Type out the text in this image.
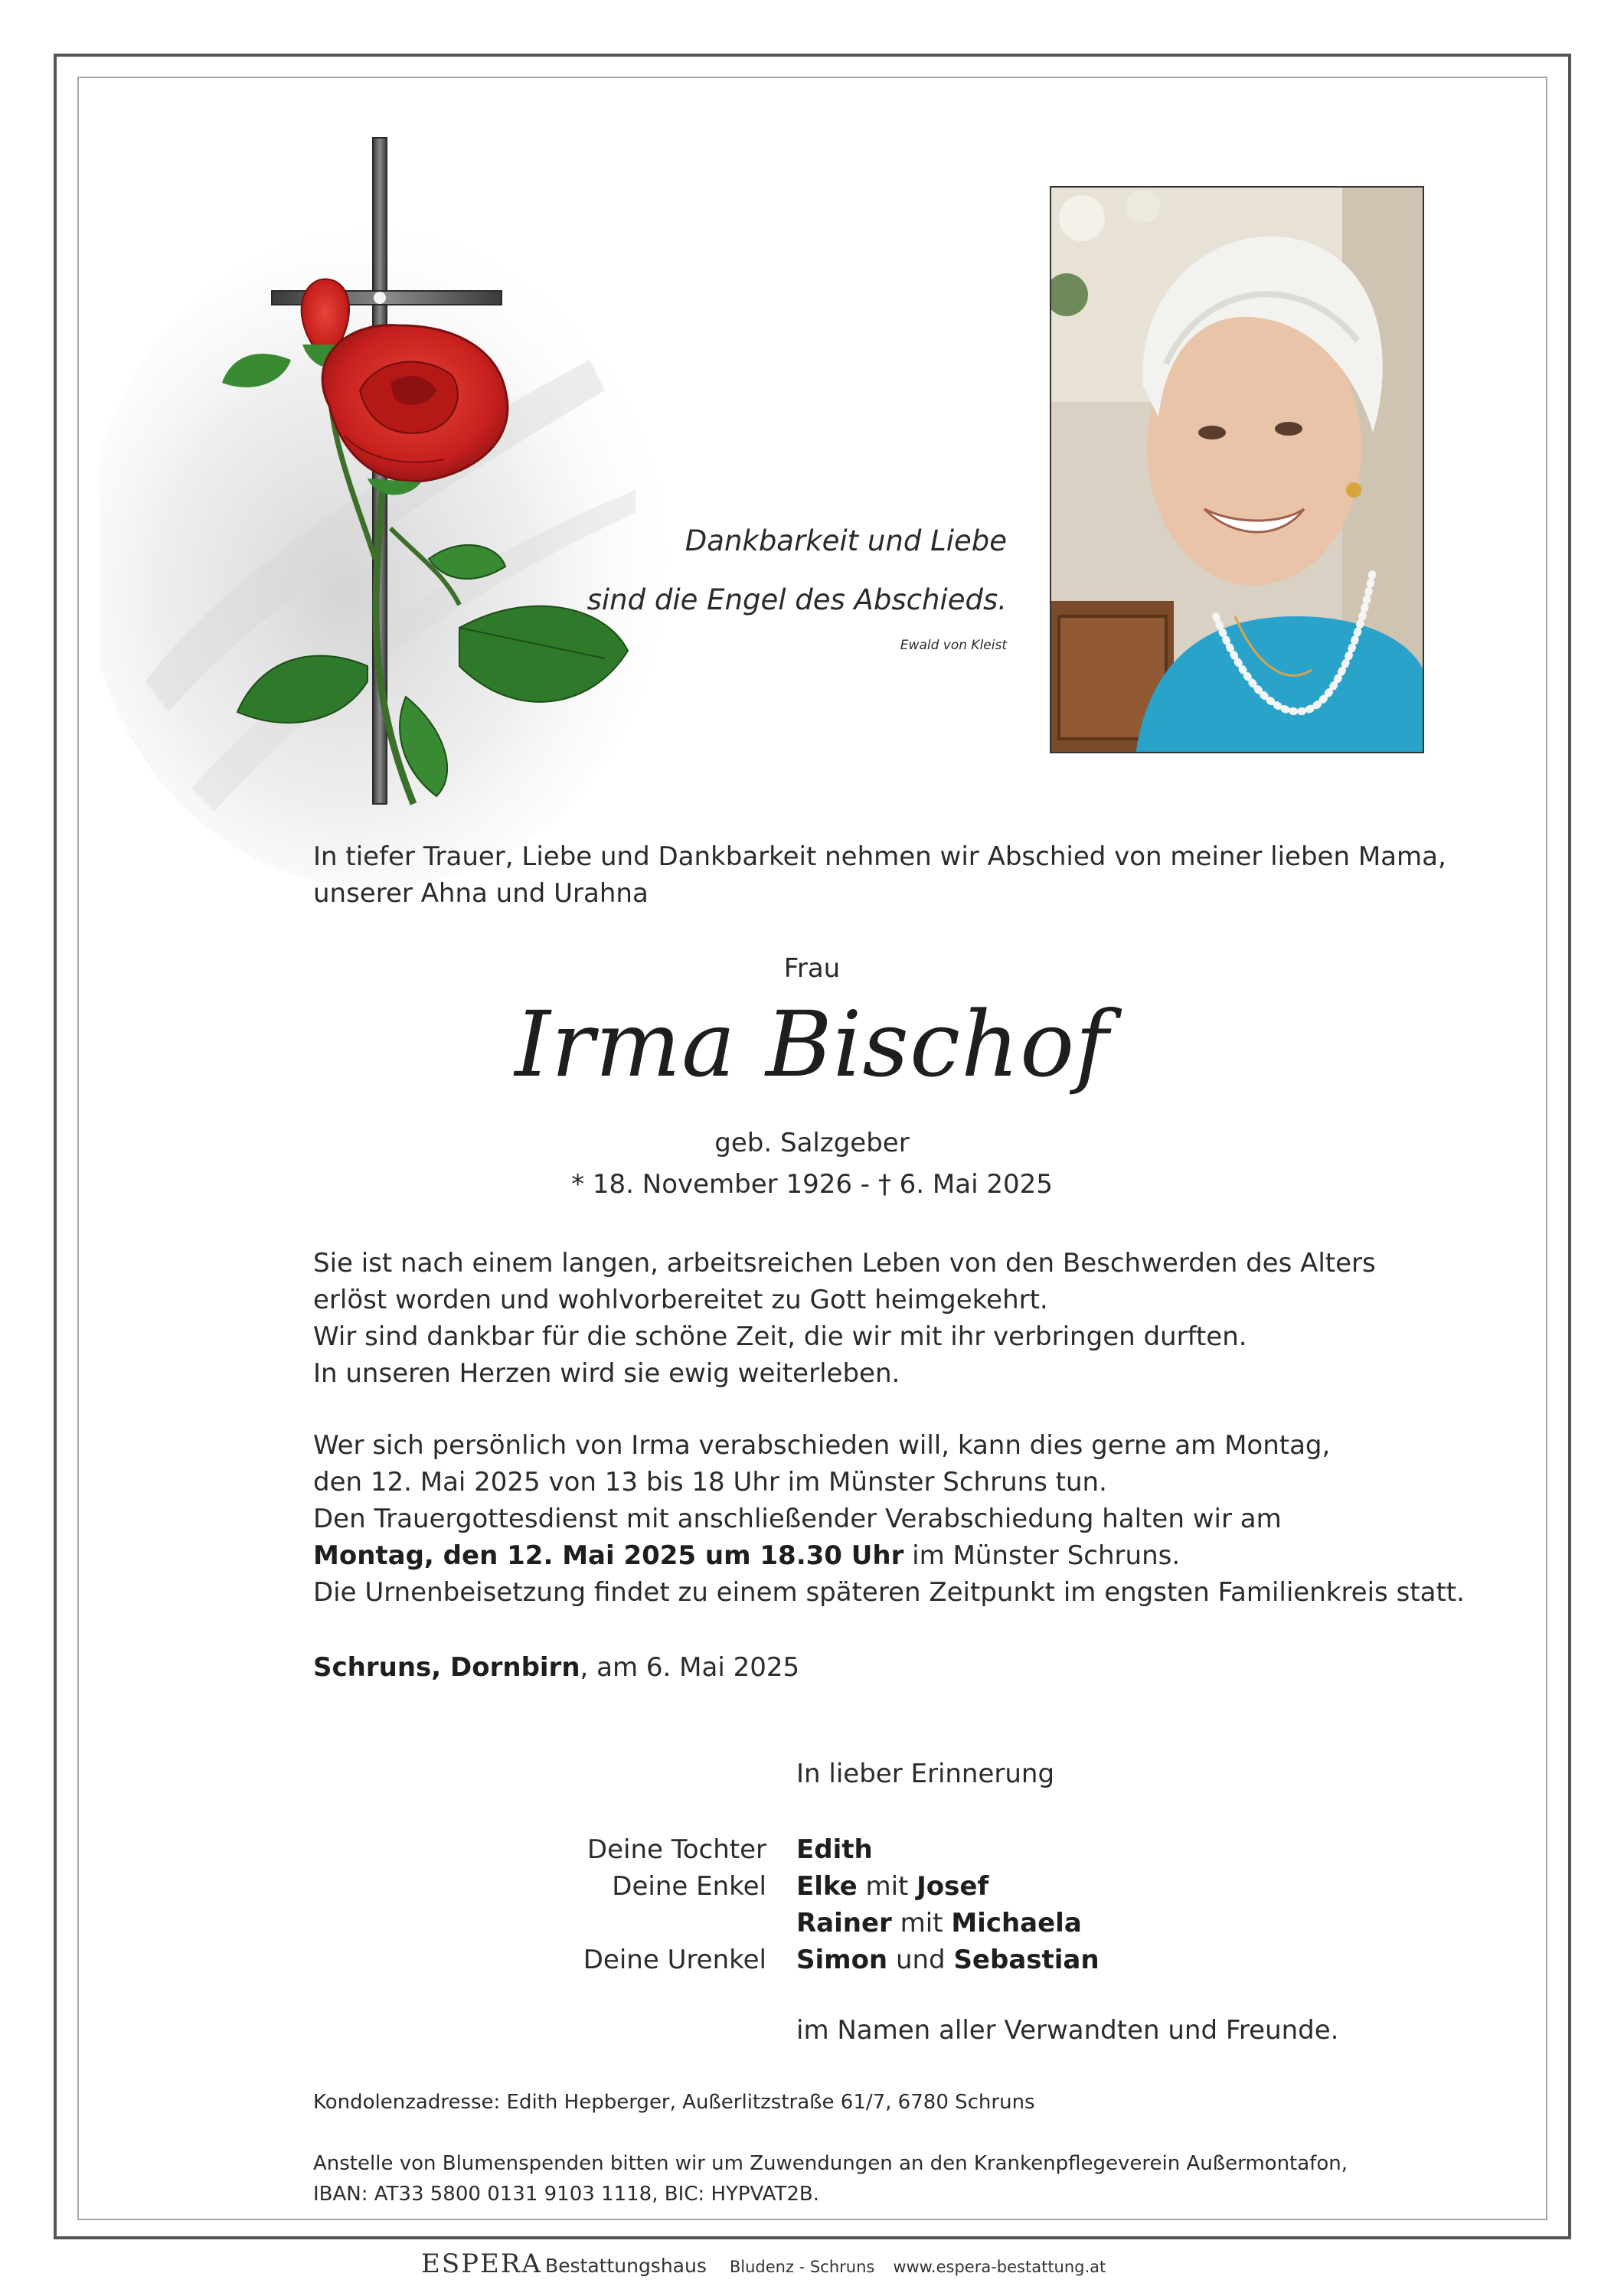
Dankbarkeit und Liebe
sind die Engel des Abschieds.
Ewald von Kleist
In tiefer Trauer, Liebe und Dankbarkeit nehmen wir Abschied von meiner lieben Mama,
unserer Ahna und Urahna
Frau
Irma Bischof
geb. Salzgeber
* 18. November 1926 - † 6. Mai 2025
Sie ist nach einem langen, arbeitsreichen Leben von den Beschwerden des Alters
erlöst worden und wohlvorbereitet zu Gott heimgekehrt.
Wir sind dankbar für die schöne Zeit, die wir mit ihr verbringen durften.
In unseren Herzen wird sie ewig weiterleben.
Wer sich persönlich von Irma verabschieden will, kann dies gerne am Montag,
den 12. Mai 2025 von 13 bis 18 Uhr im Münster Schruns tun.
Den Trauergottesdienst mit anschließender Verabschiedung halten wir am
Montag, den 12. Mai 2025 um 18.30 Uhr im Münster Schruns.
Die Urnenbeisetzung findet zu einem späteren Zeitpunkt im engsten Familienkreis statt.
Schruns, Dornbirn, am 6. Mai 2025
In lieber Erinnerung
Deine Tochter
Deine Enkel

Deine Urenkel
Edith
Elke mit Josef
Rainer mit Michaela
Simon und Sebastian
im Namen aller Verwandten und Freunde.
Kondolenzadresse: Edith Hepberger, Außerlitzstraße 61/7, 6780 Schruns
Anstelle von Blumenspenden bitten wir um Zuwendungen an den Krankenpflegeverein Außermontafon,
IBAN: AT33 5800 0131 9103 1118, BIC: HYPVAT2B.
ESPERA Bestattungshaus Bludenz - Schruns www.espera-bestattung.at
